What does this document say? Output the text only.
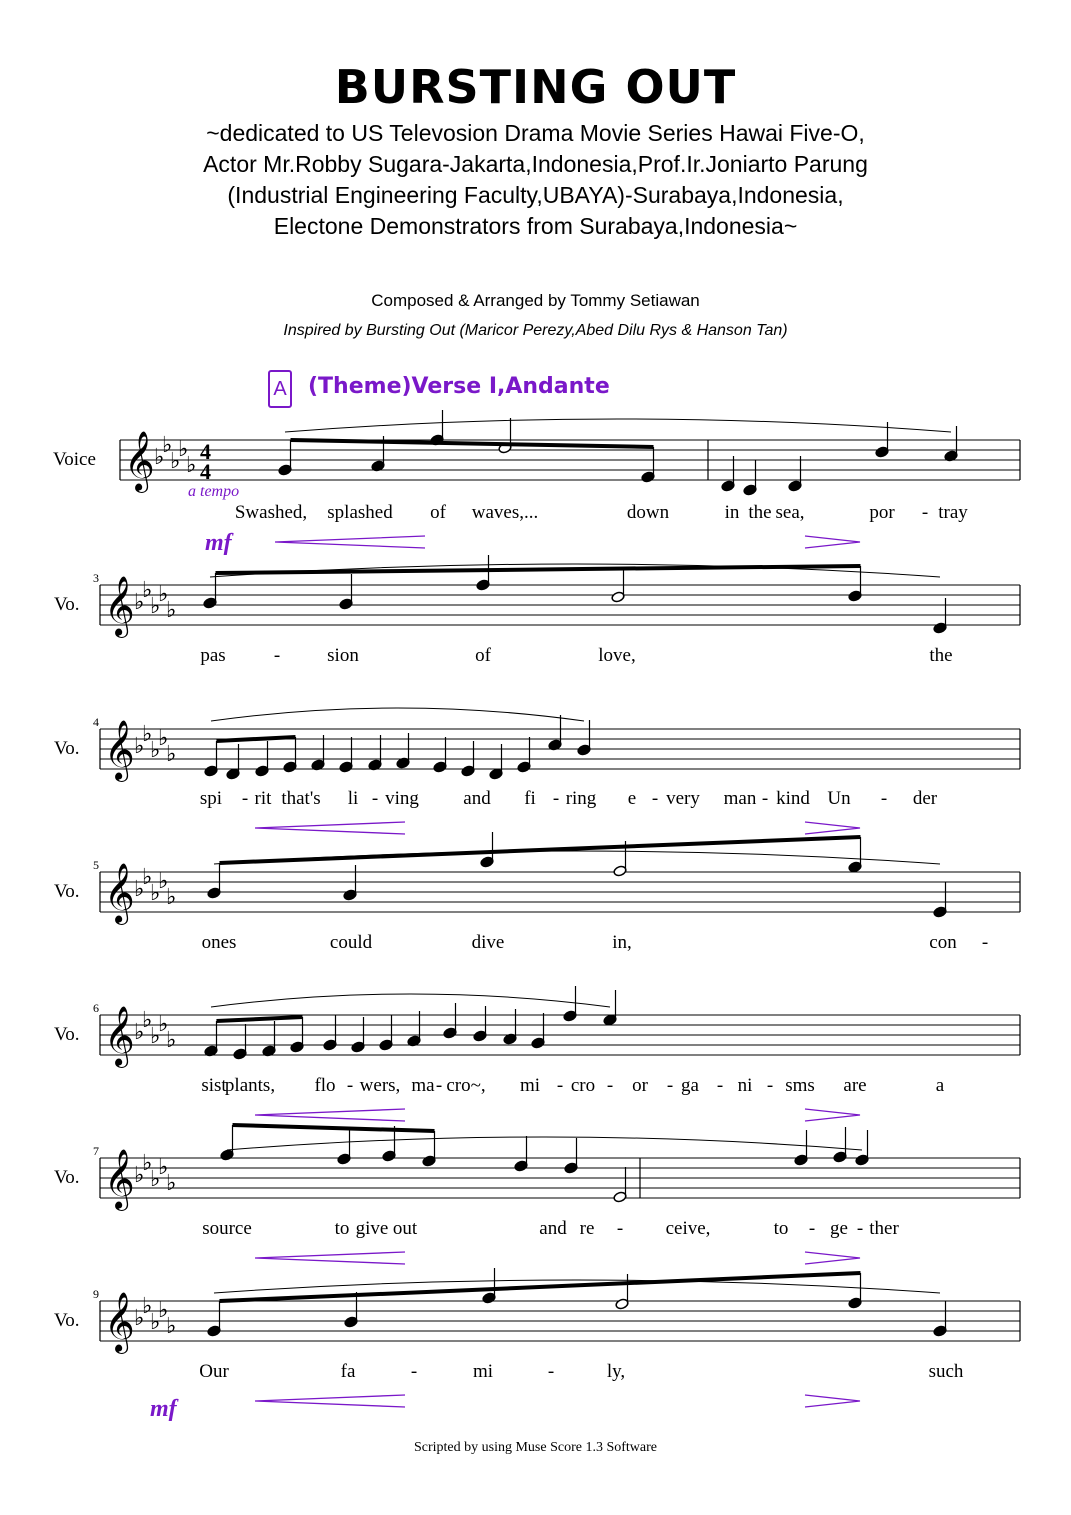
BURSTING OUT
~dedicated to US Televosion Drama Movie Series Hawai Five-O,
Actor Mr.Robby Sugara-Jakarta,Indonesia,Prof.Ir.Joniarto Parung
(Industrial Engineering Faculty,UBAYA)-Surabaya,Indonesia,
Electone Demonstrators from Surabaya,Indonesia~
Composed & Arranged by Tommy Setiawan
Inspired by Bursting Out (Maricor Perezy,Abed Dilu Rys & Hanson Tan)
A (Theme)Verse I,Andante
a tempo
Voice
Swashed, splashed of waves,...	down	in the sea,	por - tray
mf
Vo.
3
pas	- sion	of	love,	the
Vo.
4
spi - rit that's li - ving and fi - ring e - very man - kind Un - der
Vo.
5
ones	could	dive	in,	con -
Vo.
6
sist
plants, flo - wers, ma - cro~, mi - cro - or - ga - ni - sms are	a
Vo.
7
source	to give out	and re - ceive,	to - ge - ther
Vo.
9
Our	fa	-	mi	-	ly,	such
mf
𝄞 ♭
♭
♭
♭
♭
4
4
𝄞 ♭
♭
♭
♭
♭
𝄞 ♭
♭
♭
♭
♭
𝄞 ♭
♭
♭
♭
♭
𝄞 ♭
♭
♭
♭
♭
𝄞 ♭
♭
♭
♭
♭
𝄞 ♭
♭
♭
♭
♭
Scripted by using Muse Score 1.3 Software
